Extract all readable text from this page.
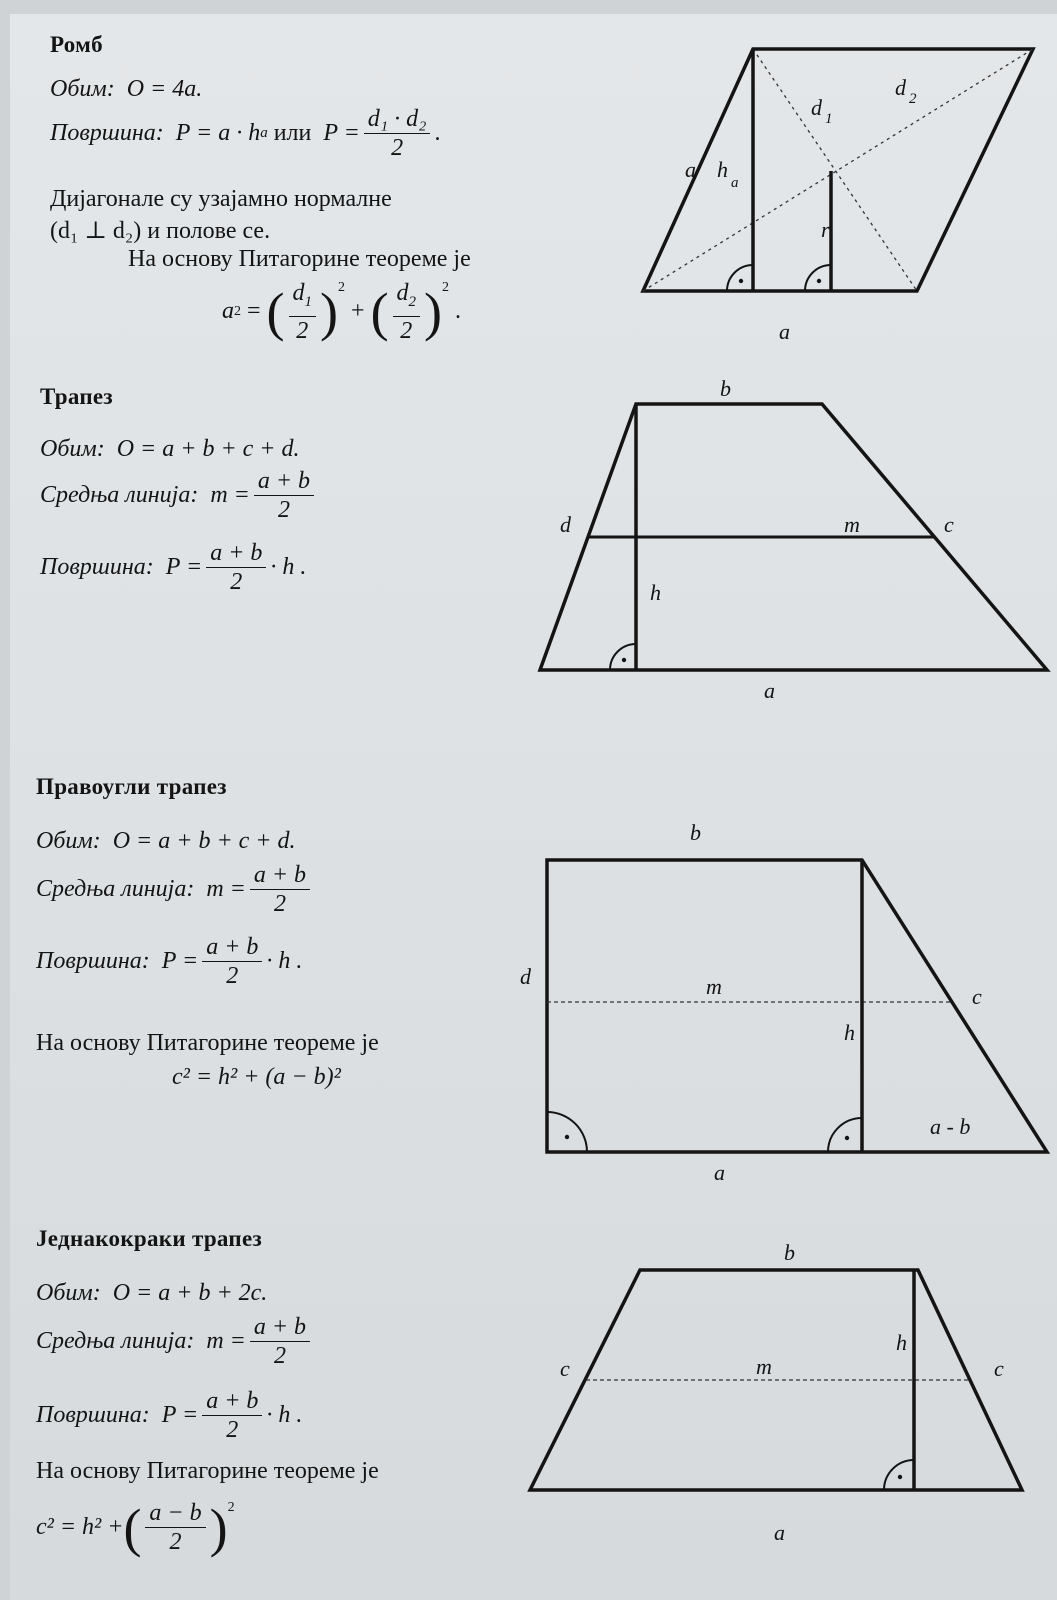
Ромб
Обим:
O = 4a.
Површина:
P = a · h a
или
$P = \frac{\text{d₁ · d₂}}{2}$ .
Дијагонале су узајамно нормалне
(d₁ ⊥ d₂) и полове се.
На основу Питагорине теореме је
a 2 = ( $\frac{d_1}{2} )^2$
+ ( $\frac{d_2}{2} )^2$
.
a h
a
d 1
d 2
r
a
Трапез
Обим:
O = a + b + c + d.
Средња линија:
$m = \frac{a + b}{2}$
Површина:
$P = \frac{a + b}{2} \cdot h$ .
b
d	m	c
h
a
Правоугли трапез
Обим:
O = a + b + c + d.
Средња линија:
$m = \frac{a + b}{2}$
Површина:
$P = \frac{a + b}{2} \cdot h$ .
На основу Питагорине теореме је
c² = h² + (a − b)²
b
d	m	c
h
a - b
a
Једнакокраки трапез
Обим:
O = a + b + 2c.
Средња линија:
$m = \frac{a + b}{2}$
Површина:
$P = \frac{a + b}{2} \cdot h$ .
На основу Питагорине теореме је
c² = h² + ( $\frac{a - b}{2} )^2$
b
c	m
h
c
a
